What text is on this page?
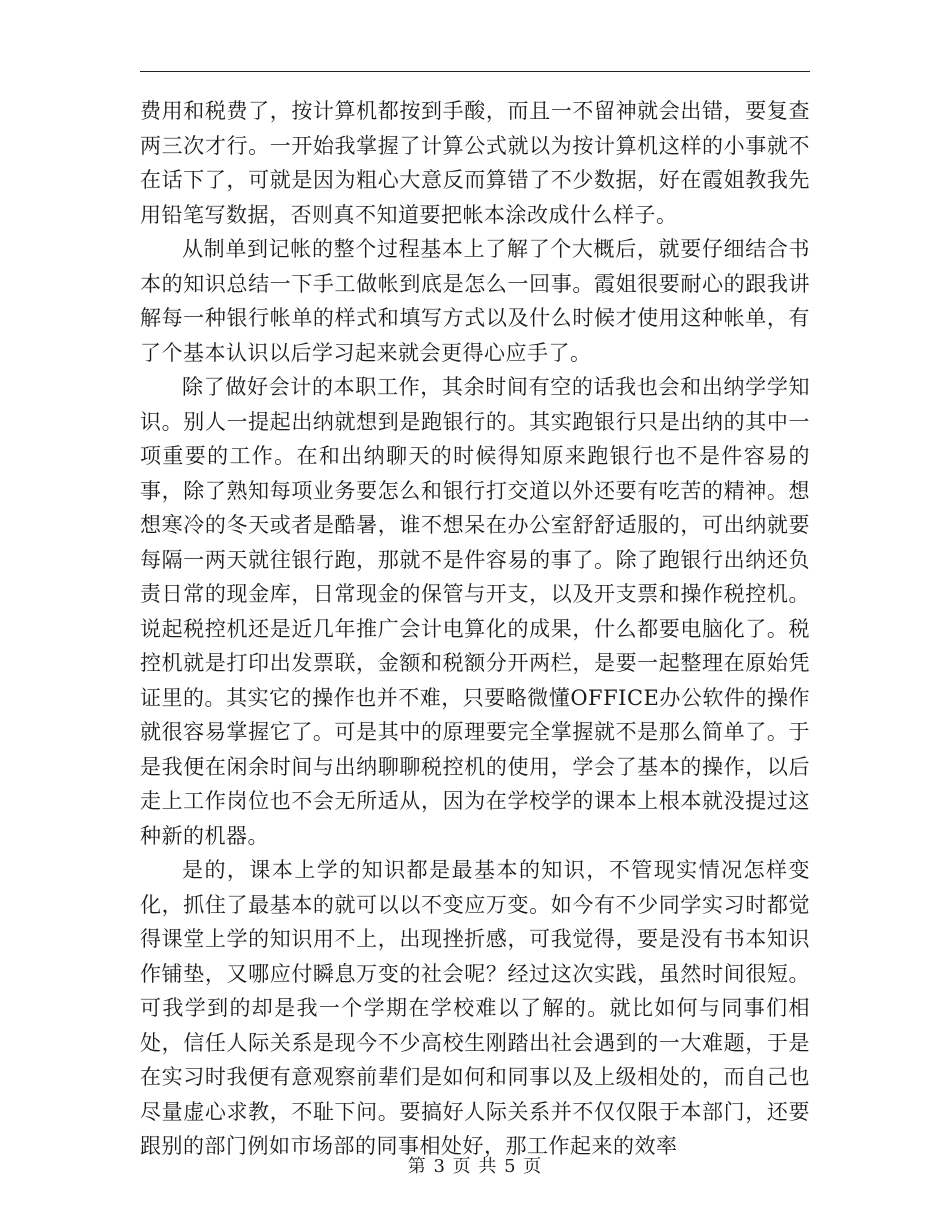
费用和税费了，按计算机都按到手酸，而且一不留神就会出错，要复查两三次才行。一开始我掌握了计算公式就以为按计算机这样的小事就不在话下了，可就是因为粗心大意反而算错了不少数据，好在霞姐教我先用铅笔写数据，否则真不知道要把帐本涂改成什么样子。

从制单到记帐的整个过程基本上了解了个大概后，就要仔细结合书本的知识总结一下手工做帐到底是怎么一回事。霞姐很要耐心的跟我讲解每一种银行帐单的样式和填写方式以及什么时候才使用这种帐单，有了个基本认识以后学习起来就会更得心应手了。

除了做好会计的本职工作，其余时间有空的话我也会和出纳学学知识。别人一提起出纳就想到是跑银行的。其实跑银行只是出纳的其中一项重要的工作。在和出纳聊天的时候得知原来跑银行也不是件容易的事，除了熟知每项业务要怎么和银行打交道以外还要有吃苦的精神。想想寒冷的冬天或者是酷暑，谁不想呆在办公室舒舒适服的，可出纳就要每隔一两天就往银行跑，那就不是件容易的事了。除了跑银行出纳还负责日常的现金库，日常现金的保管与开支，以及开支票和操作税控机。说起税控机还是近几年推广会计电算化的成果，什么都要电脑化了。税控机就是打印出发票联，金额和税额分开两栏，是要一起整理在原始凭证里的。其实它的操作也并不难，只要略微懂OFFICE办公软件的操作就很容易掌握它了。可是其中的原理要完全掌握就不是那么简单了。于是我便在闲余时间与出纳聊聊税控机的使用，学会了基本的操作，以后走上工作岗位也不会无所适从，因为在学校学的课本上根本就没提过这种新的机器。

是的，课本上学的知识都是最基本的知识，不管现实情况怎样变化，抓住了最基本的就可以以不变应万变。如今有不少同学实习时都觉得课堂上学的知识用不上，出现挫折感，可我觉得，要是没有书本知识作铺垫，又哪应付瞬息万变的社会呢？经过这次实践，虽然时间很短。可我学到的却是我一个学期在学校难以了解的。就比如何与同事们相处，信任人际关系是现今不少高校生刚踏出社会遇到的一大难题，于是在实习时我便有意观察前辈们是如何和同事以及上级相处的，而自己也尽量虚心求教，不耻下问。要搞好人际关系并不仅仅限于本部门，还要跟别的部门例如市场部的同事相处好，那工作起来的效率

第 3 页 共 5 页
